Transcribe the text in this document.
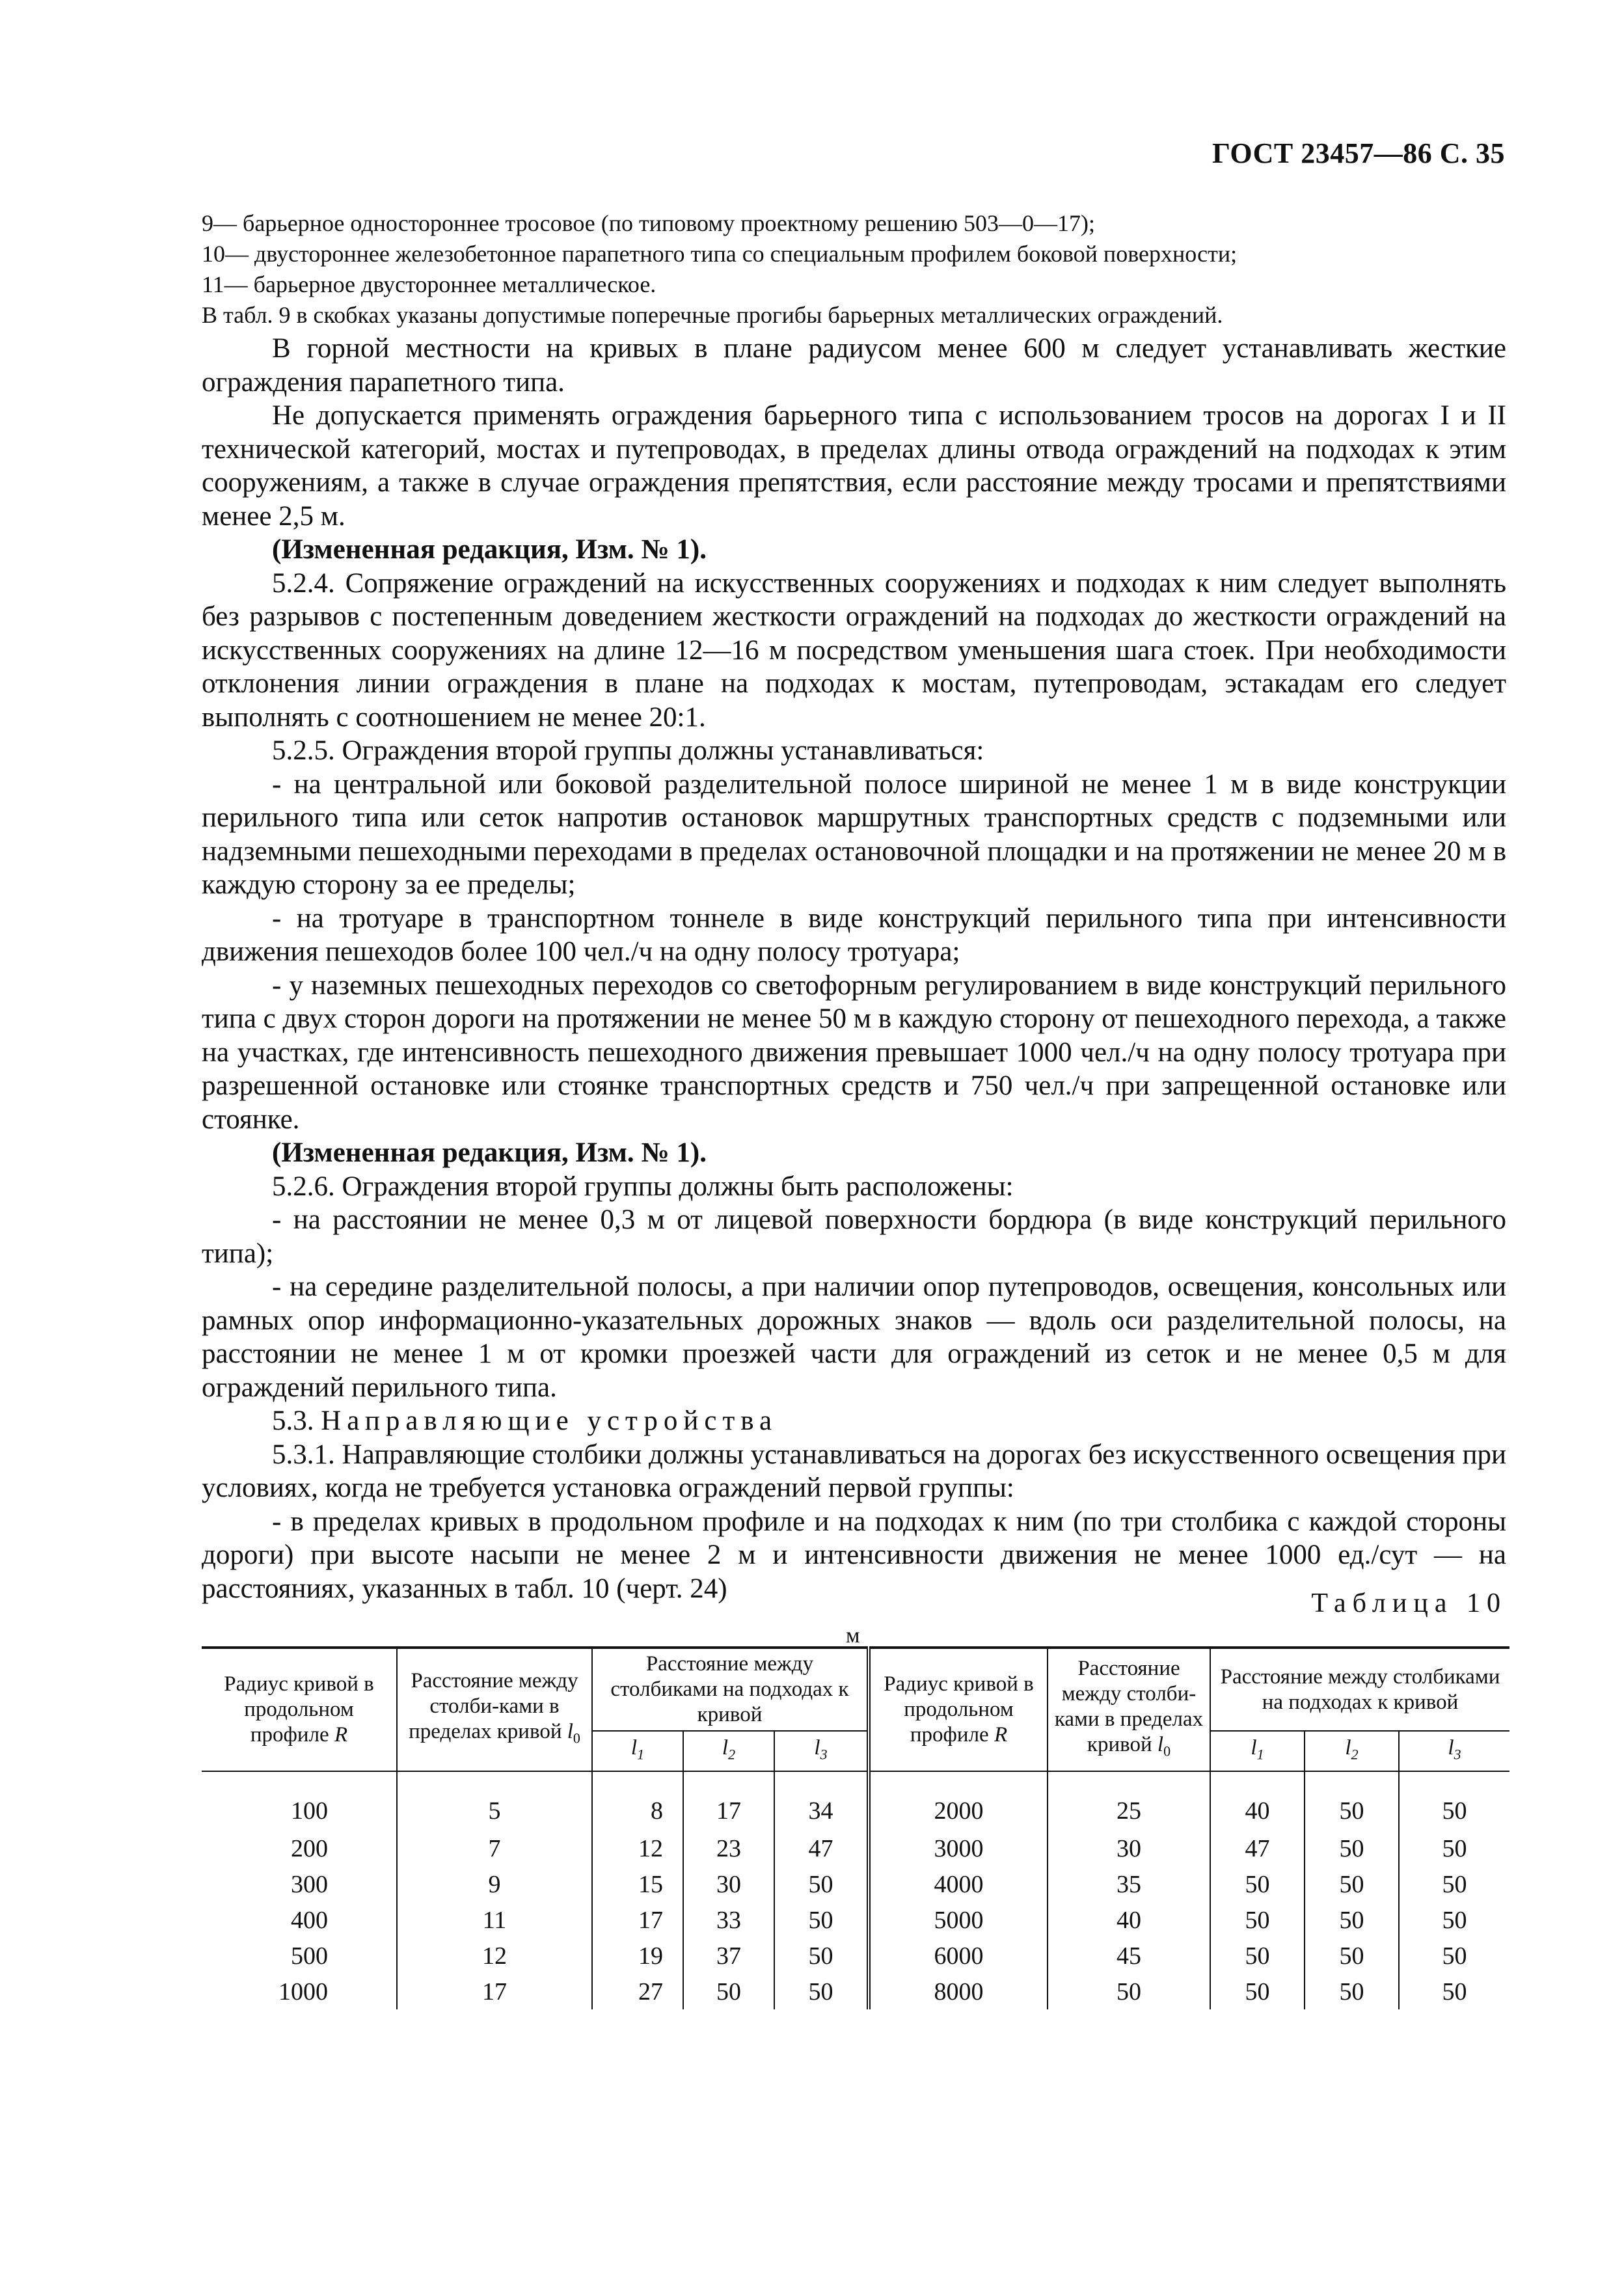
ГОСТ 23457—86 С. 35

9— барьерное одностороннее тросовое (по типовому проектному решению 503—0—17);

10— двустороннее железобетонное парапетного типа со специальным профилем боковой поверхности;

11— барьерное двустороннее металлическое.

В табл. 9 в скобках указаны допустимые поперечные прогибы барьерных металлических ограждений.

В горной местности на кривых в плане радиусом менее 600 м следует устанавливать жесткие ограждения парапетного типа.

Не допускается применять ограждения барьерного типа с использованием тросов на дорогах I и II технической категорий, мостах и путепроводах, в пределах длины отвода ограждений на подходах к этим сооружениям, а также в случае ограждения препятствия, если расстояние между тросами и препятствиями менее 2,5 м.

(Измененная редакция, Изм. № 1).

5.2.4. Сопряжение ограждений на искусственных сооружениях и подходах к ним следует выполнять без разрывов с постепенным доведением жесткости ограждений на подходах до жесткости ограждений на искусственных сооружениях на длине 12—16 м посредством уменьшения шага стоек. При необходимости отклонения линии ограждения в плане на подходах к мостам, путепроводам, эстакадам его следует выполнять с соотношением не менее 20:1.

5.2.5. Ограждения второй группы должны устанавливаться:

- на центральной или боковой разделительной полосе шириной не менее 1 м в виде конструкции перильного типа или сеток напротив остановок маршрутных транспортных средств с подземными или надземными пешеходными переходами в пределах остановочной площадки и на протяжении не менее 20 м в каждую сторону за ее пределы;

- на тротуаре в транспортном тоннеле в виде конструкций перильного типа при интенсивности движения пешеходов более 100 чел./ч на одну полосу тротуара;

- у наземных пешеходных переходов со светофорным регулированием в виде конструкций перильного типа с двух сторон дороги на протяжении не менее 50 м в каждую сторону от пешеходного перехода, а также на участках, где интенсивность пешеходного движения превышает 1000 чел./ч на одну полосу тротуара при разрешенной остановке или стоянке транспортных средств и 750 чел./ч при запрещенной остановке или стоянке.

(Измененная редакция, Изм. № 1).

5.2.6. Ограждения второй группы должны быть расположены:

- на расстоянии не менее 0,3 м от лицевой поверхности бордюра (в виде конструкций перильного типа);

- на середине разделительной полосы, а при наличии опор путепроводов, освещения, консольных или рамных опор информационно-указательных дорожных знаков — вдоль оси разделительной полосы, на расстоянии не менее 1 м от кромки проезжей части для ограждений из сеток и не менее 0,5 м для ограждений перильного типа.

5.3. Направляющие устройства

5.3.1. Направляющие столбики должны устанавливаться на дорогах без искусственного освещения при условиях, когда не требуется установка ограждений первой группы:

- в пределах кривых в продольном профиле и на подходах к ним (по три столбика с каждой стороны дороги) при высоте насыпи не менее 2 м и интенсивности движения не менее 1000 ед./сут — на расстояниях, указанных в табл. 10 (черт. 24)	Таблица 10
м
Радиус кривой в продольном профиле R	Расстояние между столби-ками в пределах кривой $l_0$	Расстояние между столбиками на подходах к кривой			Радиус кривой в продольном профиле R	Расстояние между столби-ками в пределах кривой $l_0$	Расстояние между столбиками на подходах к кривой		
		$l_1$	$l_2$	$l_3$			$l_1$	$l_2$	$l_3$
100	5	8	17	34	2000	25	40	50	50
200	7	12	23	47	3000	30	47	50	50
300	9	15	30	50	4000	35	50	50	50
400	11	17	33	50	5000	40	50	50	50
500	12	19	37	50	6000	45	50	50	50
1000	17	27	50	50	8000	50	50	50	50
